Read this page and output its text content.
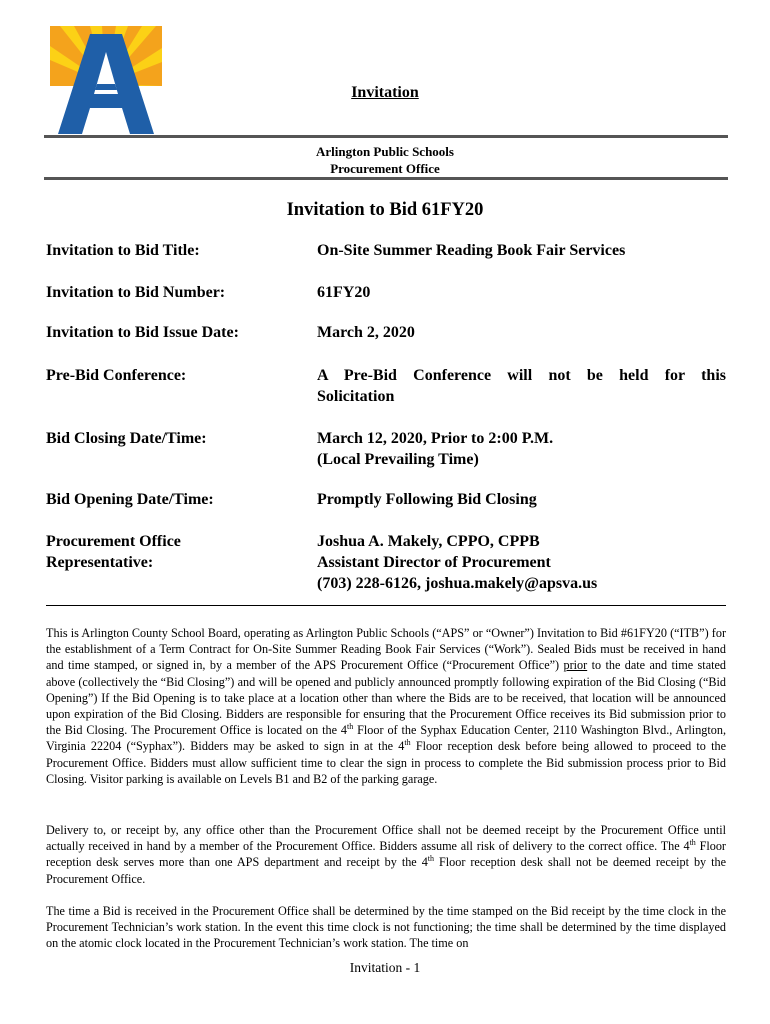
Invitation
Arlington Public Schools
Procurement Office
Invitation to Bid 61FY20
Invitation to Bid Title:	On-Site Summer Reading Book Fair Services
Invitation to Bid Number:	61FY20
Invitation to Bid Issue Date:	March 2, 2020
Pre-Bid Conference:	A Pre-Bid Conference will not be held for this
Solicitation
Bid Closing Date/Time:	March 12, 2020, Prior to 2:00 P.M.
(Local Prevailing Time)
Bid Opening Date/Time:	Promptly Following Bid Closing
Procurement Office
Representative:
Joshua A. Makely, CPPO, CPPB
Assistant Director of Procurement
(703) 228-6126, joshua.makely@apsva.us
This is Arlington County School Board, operating as Arlington Public Schools (“APS” or “Owner”) Invitation to Bid #61FY20 (“ITB”) for the establishment of a Term Contract for On-Site Summer Reading Book Fair Services (“Work”). Sealed Bids must be received in hand and time stamped, or signed in, by a member of the APS Procurement Office (“Procurement Office”) prior to the date and time stated above (collectively the “Bid Closing”) and will be opened and publicly announced promptly following expiration of the Bid Closing (“Bid Opening”) If the Bid Opening is to take place at a location other than where the Bids are to be received, that location will be announced upon expiration of the Bid Closing. Bidders are responsible for ensuring that the Procurement Office receives its Bid submission prior to the Bid Closing. The Procurement Office is located on the 4th Floor of the Syphax Education Center, 2110 Washington Blvd., Arlington, Virginia 22204 (“Syphax”). Bidders may be asked to sign in at the 4th Floor reception desk before being allowed to proceed to the Procurement Office. Bidders must allow sufficient time to clear the sign in process to complete the Bid submission process prior to Bid Closing. Visitor parking is available on Levels B1 and B2 of the parking garage.
Delivery to, or receipt by, any office other than the Procurement Office shall not be deemed receipt by the Procurement Office until actually received in hand by a member of the Procurement Office. Bidders assume all risk of delivery to the correct office. The 4th Floor reception desk serves more than one APS department and receipt by the 4th Floor reception desk shall not be deemed receipt by the Procurement Office.
The time a Bid is received in the Procurement Office shall be determined by the time stamped on the Bid receipt by the time clock in the Procurement Technician’s work station. In the event this time clock is not functioning; the time shall be determined by the time displayed on the atomic clock located in the Procurement Technician’s work station. The time on
Invitation - 1
